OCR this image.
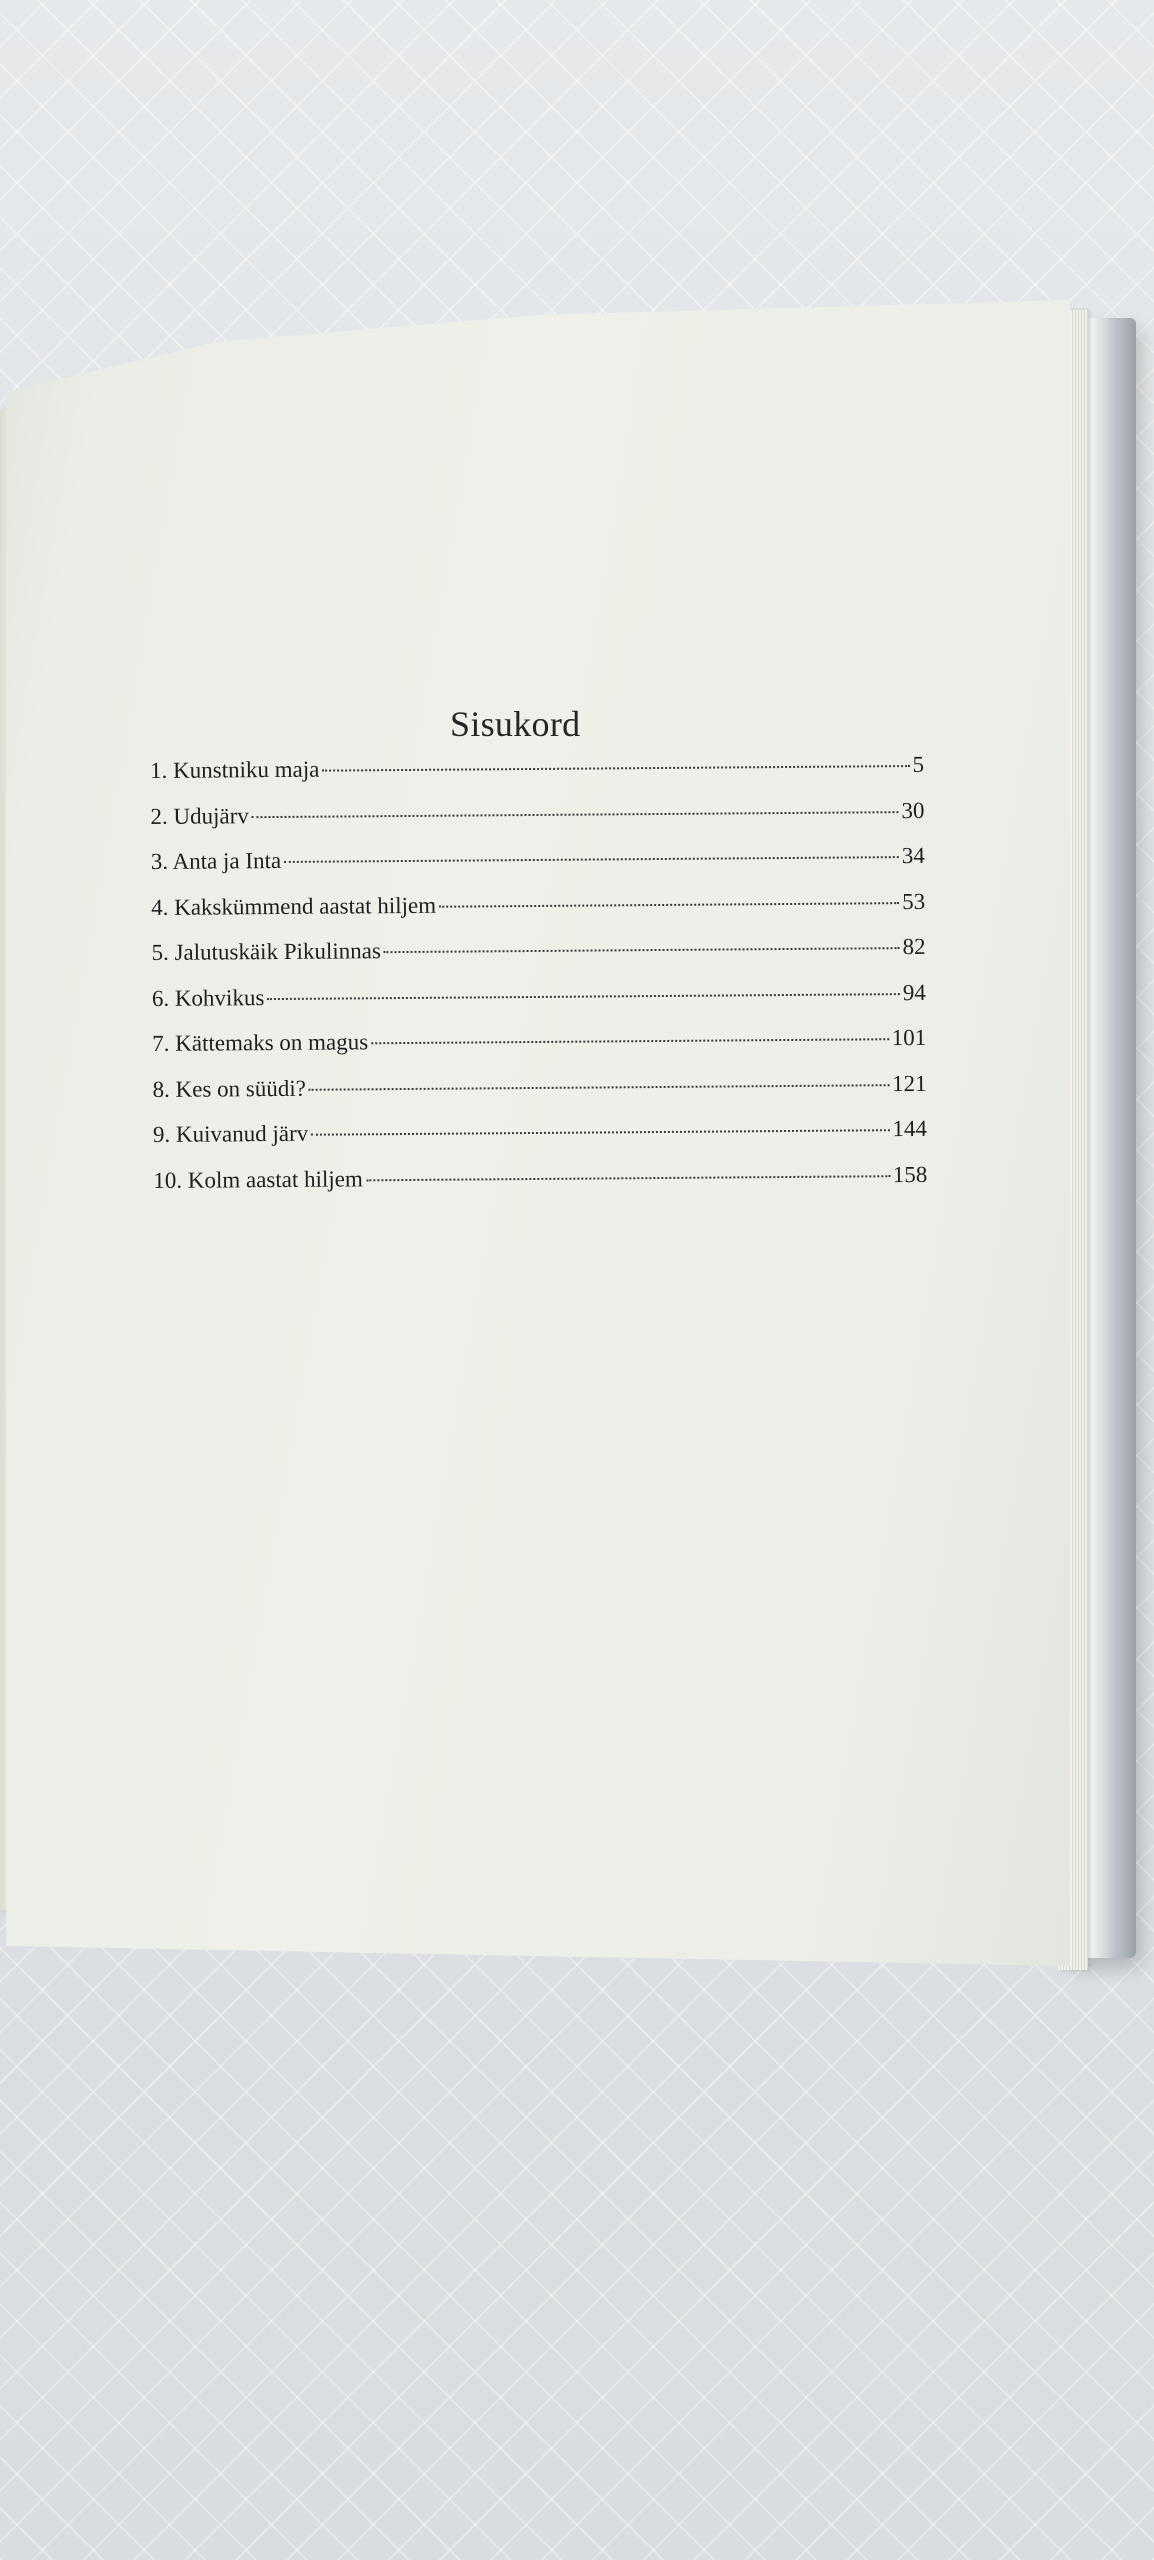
Sisukord
1. Kunstniku maja	5
2. Udujärv	30
3. Anta ja Inta	34
4. Kakskümmend aastat hiljem	53
5. Jalutuskäik Pikulinnas	82
6. Kohvikus	94
7. Kättemaks on magus	101
8. Kes on süüdi?	121
9. Kuivanud järv	144
10. Kolm aastat hiljem	158
